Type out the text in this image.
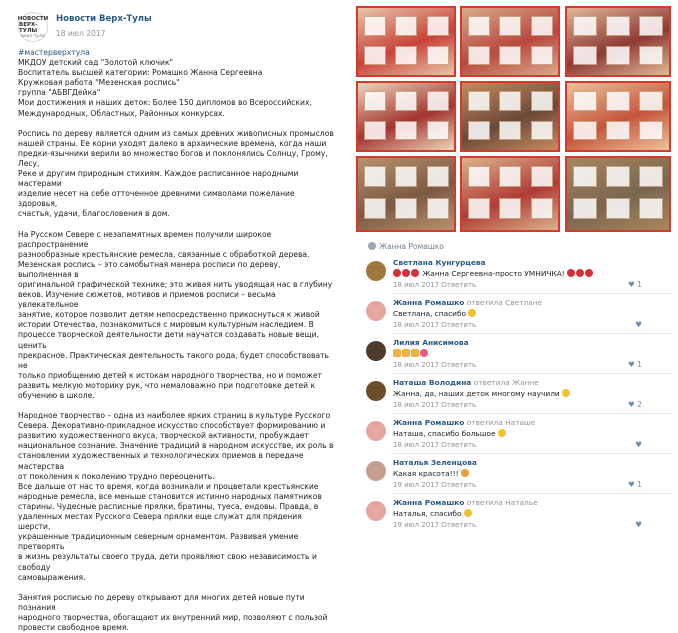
НОВОСТИ
ВЕРХ-ТУЛЫ
верх-тула
Новости Верх-Тулы
18 июл 2017

#мастерверхтула

МКДОУ детский сад "Золотой ключик"

Воспитатель высшей категории: Ромашко Жанна Сергеевна

Кружковая работа "Мезенская роспись"

группа "АБВГДейка"

Мои достижения и наших деток: Более 150 дипломов во Всероссийских,

Международных, Областных, Районных конкурсах.

Роспись по дереву является одним из самых древних живописных промыслов

нашей страны. Ее корни уходят далеко в архаические времена, когда наши

предки-язычники верили во множество богов и поклонялись Солнцу, Грому, Лесу,

Реке и другим природным стихиям. Каждое расписанное народными мастерами

изделие несет на себе отточенное древними символами пожелание здоровья,

счастья, удачи, благословения в дом.

На Русском Севере с незапамятных времен получили широкое распространение

разнообразные крестьянские ремесла, связанные с обработкой дерева.

Мезенская роспись – это самобытная манера росписи по дереву, выполненная в

оригинальной графической технике; это живая нить уводящая нас в глубину

веков. Изучение сюжетов, мотивов и приемов росписи – весьма увлекательное

занятие, которое позволит детям непосредственно прикоснуться к живой

истории Отечества, познакомиться с мировым культурным наследием. В

процессе творческой деятельности дети научатся создавать новые вещи, ценить

прекрасное. Практическая деятельность такого рода, будет способствовать не

только приобщению детей к истокам народного творчества, но и поможет

развить мелкую моторику рук, что немаловажно при подготовке детей к

обучению в школе.

Народное творчество – одна из наиболее ярких страниц в культуре Русского

Севера. Декоративно-прикладное искусство способствует формированию и

развитию художественного вкуса, творческой активности, пробуждает

национальное сознание. Значение традиций в народном искусстве, их роль в

становлении художественных и технологических приемов в передаче мастерства

от поколения к поколению трудно переоценить.

Все дальше от нас то время, когда возникали и процветали крестьянские

народные ремесла, все меньше становится истинно народных памятников

старины. Чудесные расписные прялки, братины, туеса, ендовы. Правда, в

удаленных местах Русского Севера прялки еще служат для прядения шерсти,

украшенные традиционным северным орнаментом. Развивая умение претворять

в жизнь результаты своего труда, дети проявляют свою независимость и свободу

самовыражения.

Занятия росписью по дереву открывают для многих детей новые пути познания

народного творчества, обогащают их внутренний мир, позволяют с пользой

провести свободное время.

Жанна Ромашко
Светлана Кунгурцева
Жанна Сергеевна-просто УМНИЧКА!
18 июл 2017 Ответить	♥ 1
Жанна Ромашко ответила Светлане
Светлана, спасибо
18 июл 2017 Ответить	♥
Лилия Анисимова
18 июл 2017 Ответить	♥ 1
Наташа Володина ответила Жанне
Жанна, да, наших деток многому научили
18 июл 2017 Ответить	♥ 2
Жанна Ромашко ответила Наташе
Наташа, спасибо большое
18 июл 2017 Ответить	♥
Наталья Зеленцова
Какая красота!!!
19 июл 2017 Ответить	♥ 1
Жанна Ромашко ответила Наталье
Наталья, спасибо
19 июл 2017 Ответить	♥
